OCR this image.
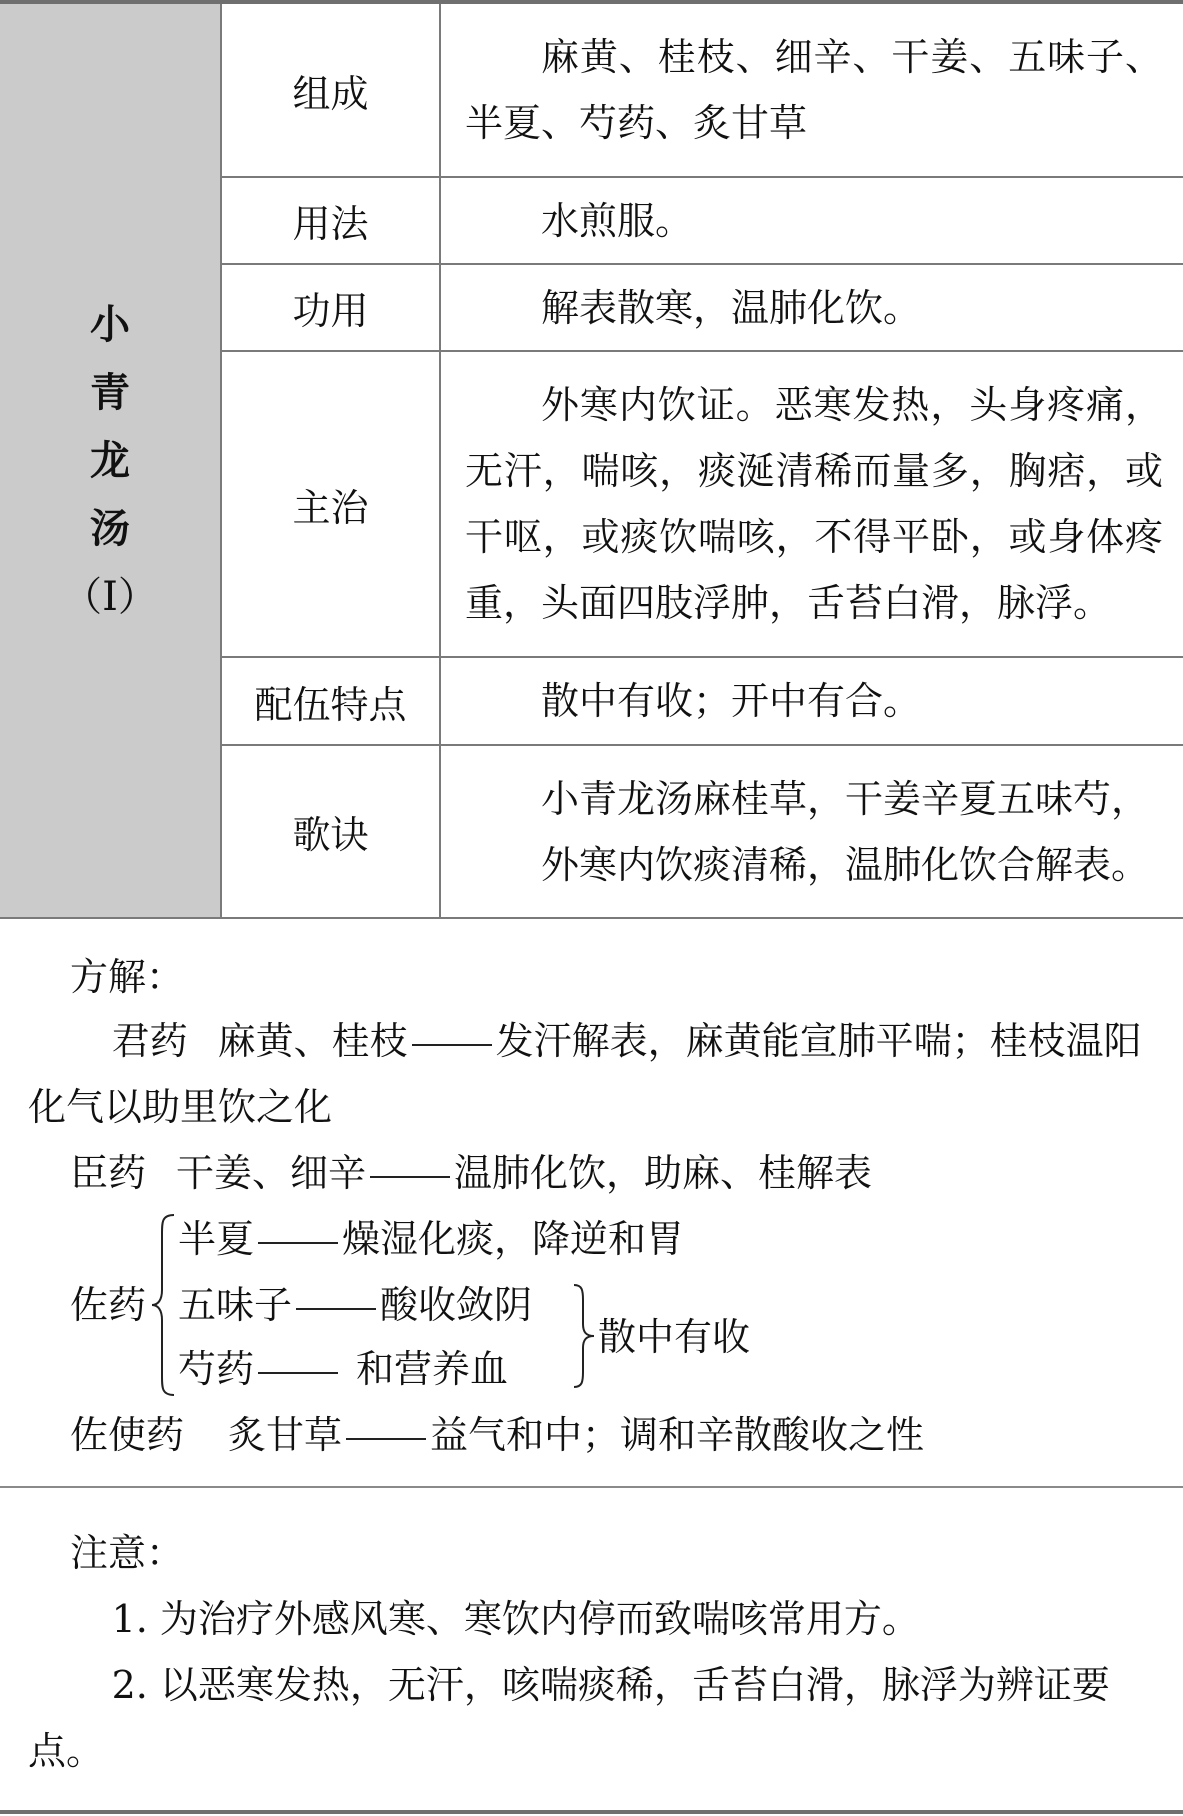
小
青
龙
汤
（Ⅰ）	组成	麻黄、桂枝、细辛、干姜、五味子、半夏、芍药、炙甘草

	用法	水煎服。

	功用	解表散寒，温肺化饮。

	主治	外寒内饮证。恶寒发热，头身疼痛，无汗，喘咳，痰涎清稀而量多，胸痞，或干呕，或痰饮喘咳，不得平卧，或身体疼重，头面四肢浮肿，舌苔白滑，脉浮。

	配伍特点	散中有收；开中有合。

	歌诀	小青龙汤麻桂草，干姜辛夏五味芍，
外寒内饮痰清稀，温肺化饮合解表。
方解：
君药 麻黄、桂枝 发汗解表，麻黄能宣肺平喘；桂枝温阳化气以助里饮之化
臣药 干姜、细辛 温肺化饮，助麻、桂解表
佐药
半夏 燥湿化痰，降逆和胃
五味子 酸收敛阴
芍药	和营养血
散中有收
佐使药 炙甘草 益气和中；调和辛散酸收之性
注意：
1. 为治疗外感风寒、寒饮内停而致喘咳常用方。
2. 以恶寒发热，无汗，咳喘痰稀，舌苔白滑，脉浮为辨证要点。
